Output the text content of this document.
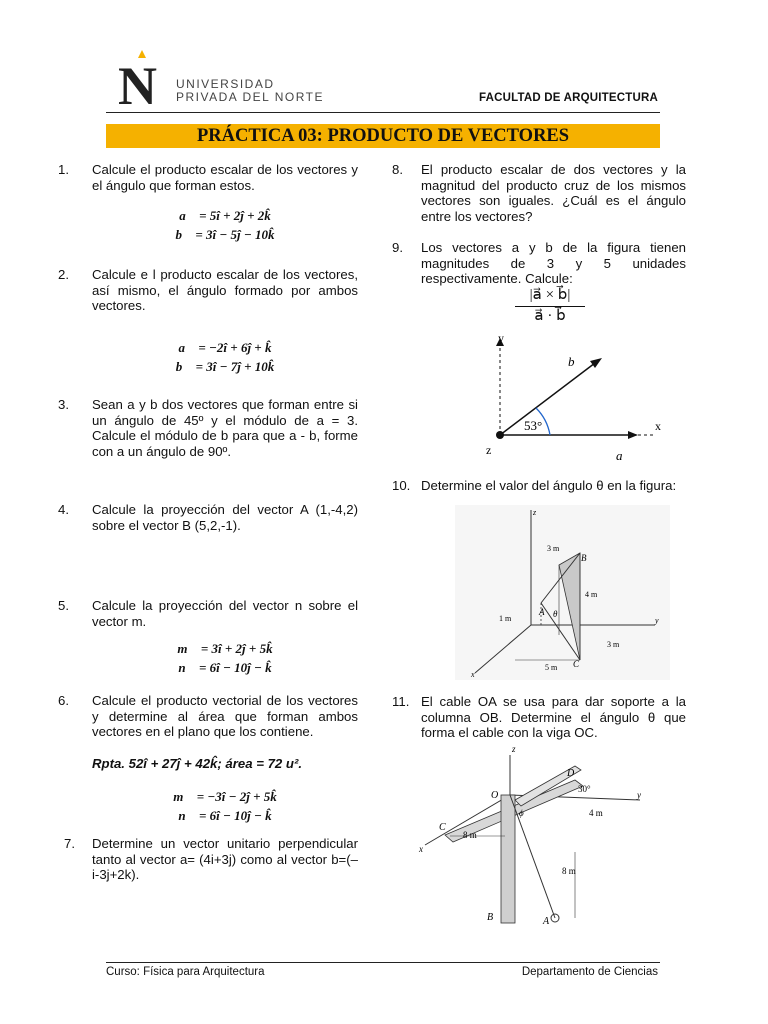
N UNIVERSIDAD
PRIVADA DEL NORTE	FACULTAD DE ARQUITECTURA
PRÁCTICA 03: PRODUCTO DE VECTORES
1. Calcule el producto escalar de los vectores y el ángulo que forman estos.
a⃗ = 5î + 2ĵ + 2k̂
b⃗ = 3î − 5ĵ − 10k̂
2. Calcule e l producto escalar de los vectores, así mismo, el ángulo formado por ambos vectores.
a⃗ = −2î + 6ĵ + k̂
b⃗ = 3î − 7ĵ + 10k̂
3. Sean a y b dos vectores que forman entre si un ángulo de 45º y el módulo de a = 3. Calcule el módulo de b para que a - b, forme con a un ángulo de 90º.
4. Calcule la proyección del vector A (1,-4,2) sobre el vector B (5,2,-1).
5. Calcule la proyección del vector n sobre el vector m.
m⃗ = 3î + 2ĵ + 5k̂
n⃗ = 6î − 10ĵ − k̂
6. Calcule el producto vectorial de los vectores y determine al área que forman ambos vectores en el plano que los contiene.
Rpta. 52î + 27ĵ + 42k̂; área = 72 u².
m⃗ = −3î − 2ĵ + 5k̂
n⃗ = 6î − 10ĵ − k̂
7. Determine un vector unitario perpendicular tanto al vector a= (4i+3j) como al vector b=(–i-3j+2k).
8. El producto escalar de dos vectores y la magnitud del producto cruz de los mismos vectores son iguales. ¿Cuál es el ángulo entre los vectores?
9. Los vectores a y b de la figura tienen magnitudes de 3 y 5 unidades respectivamente. Calcule:
|a⃗ × b⃗|
a⃗ · b⃗
y
x
z
b⃗
a⃗
53°
10. Determine el valor del ángulo θ en la figura:
z
y
x
3 m
4 m
1 m
3 m
5 m
A
B
C
θ
11. El cable OA se usa para dar soporte a la columna OB. Determine el ángulo θ que forma el cable con la viga OC.
z
y
x
O
D
C
A
B
30°
4 m
8 m
8 m
ϕ
Curso: Física para Arquitectura	Departamento de Ciencias
